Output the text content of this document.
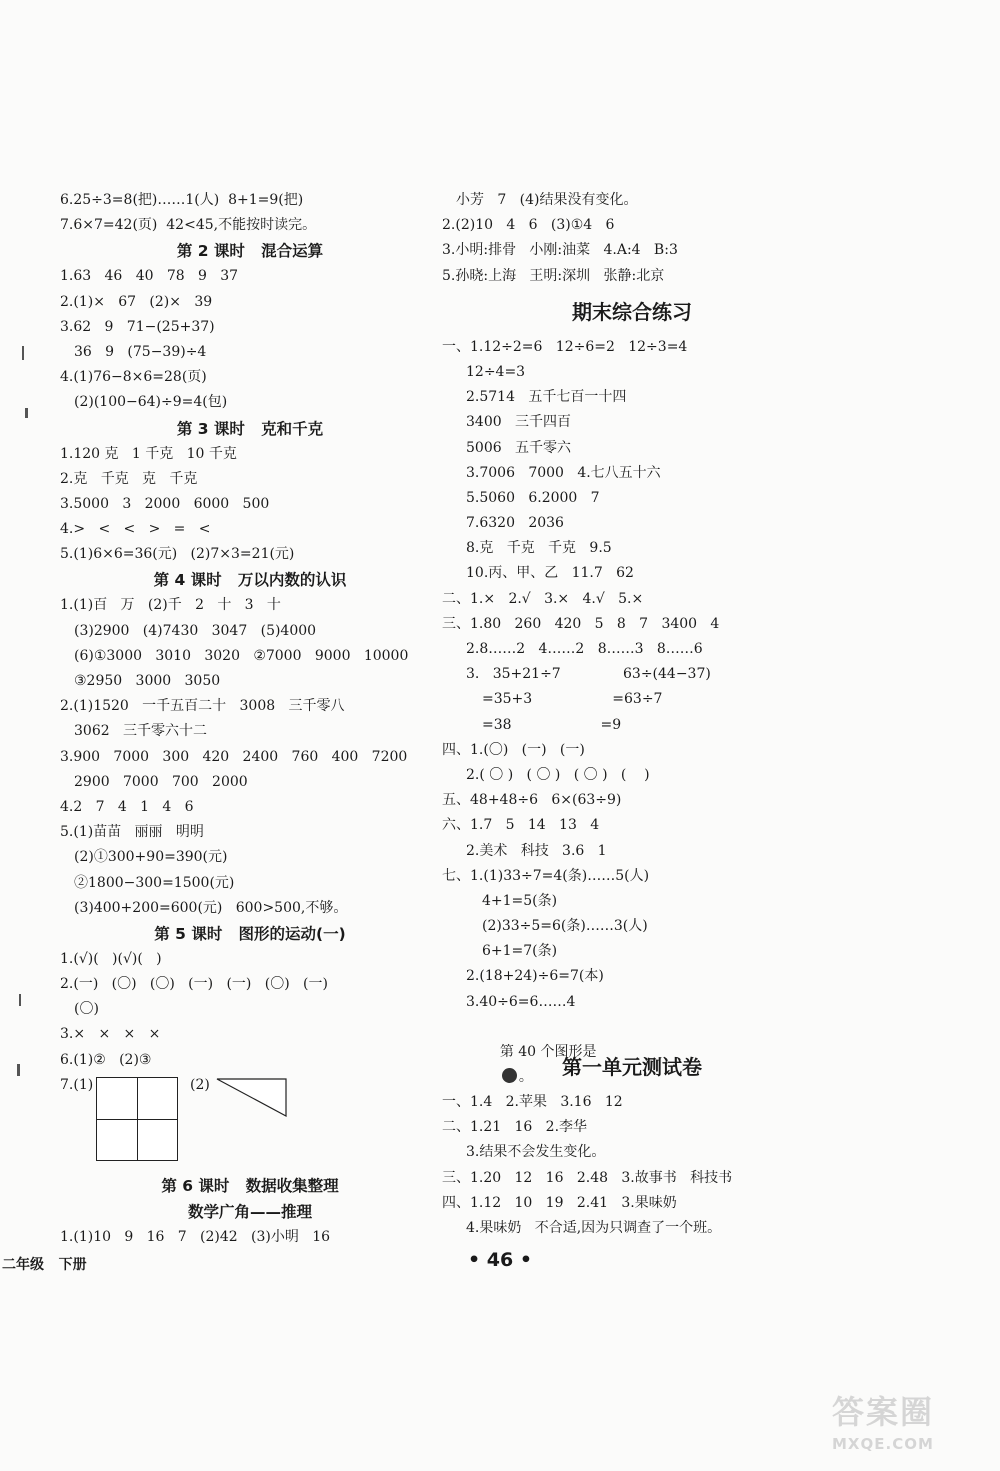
6.25÷3=8(把)……1(人)  8+1=9(把)
7.6×7=42(页)  42<45,不能按时读完。
第 2 课时   混合运算
1.63   46   40   78   9   37
2.(1)×   67   (2)×   39
3.62   9   71−(25+37)
36   9   (75−39)÷4
4.(1)76−8×6=28(页)
(2)(100−64)÷9=4(包)
第 3 课时   克和千克
1.120 克   1 千克   10 千克
2.克   千克   克   千克
3.5000   3   2000   6000   500
4.>   <   <   >   =   <
5.(1)6×6=36(元)   (2)7×3=21(元)
第 4 课时   万以内数的认识
1.(1)百   万   (2)千   2   十   3   十
(3)2900   (4)7430   3047   (5)4000
(6)①3000   3010   3020   ②7000   9000   10000
③2950   3000   3050
2.(1)1520   一千五百二十   3008   三千零八
3062   三千零六十二
3.900   7000   300   420   2400   760   400   7200
2900   7000   700   2000
4.2   7   4   1   4   6
5.(1)苗苗   丽丽   明明
(2)①300+90=390(元)
②1800−300=1500(元)
(3)400+200=600(元)   600>500,不够。
第 5 课时   图形的运动(一)
1.(√)(   )(√)(   )
2.(一)   (〇)   (〇)   (一)   (一)   (〇)   (一)
(〇)
3.×   ×   ×   ×
6.(1)②   (2)③
7.(1)	(2)
第 6 课时   数据收集整理
数学广角——推理
1.(1)10   9   16   7   (2)42   (3)小明   16
小芳   7   (4)结果没有变化。
2.(2)10   4   6   (3)①4   6
3.小明:排骨   小刚:油菜   4.A:4   B:3
5.孙晓:上海   王明:深圳   张静:北京
期末综合练习
一、1.12÷2=6   12÷6=2   12÷3=4
12÷4=3
2.5714   五千七百一十四
3400   三千四百
5006   五千零六
3.7006   7000   4.七八五十六
5.5060   6.2000   7
7.6320   2036
8.克   千克   千克   9.5
10.丙、甲、乙   11.7   62
二、1.×   2.√   3.×   4.√   5.×
三、1.80   260   420   5   8   7   3400   4
2.8……2   4……2   8……3   8……6
3.   35+21÷7              63÷(44−37)
=35+3                  =63÷7
=38                    =9
四、1.(〇)   (一)   (一)
2.( 〇 )   ( 〇 )   ( 〇 )   (    )
五、48+48÷6   6×(63÷9)
六、1.7   5   14   13   4
2.美术   科技   3.6   1
七、1.(1)33÷7=4(条)……5(人)
4+1=5(条)
(2)33÷5=6(条)……3(人)
6+1=7(条)
2.(18+24)÷6=7(本)
3.40÷6=6……4

第 40 个图形是
。
	第一单元测试卷
一、1.4   2.苹果   3.16   12
二、1.21   16   2.李华
3.结果不会发生变化。
三、1.20   12   16   2.48   3.故事书   科技书
四、1.12   10   19   2.41   3.果味奶
4.果味奶   不合适,因为只调查了一个班。
二年级   下册	• 46 •
答案圈
MXQE.COM
